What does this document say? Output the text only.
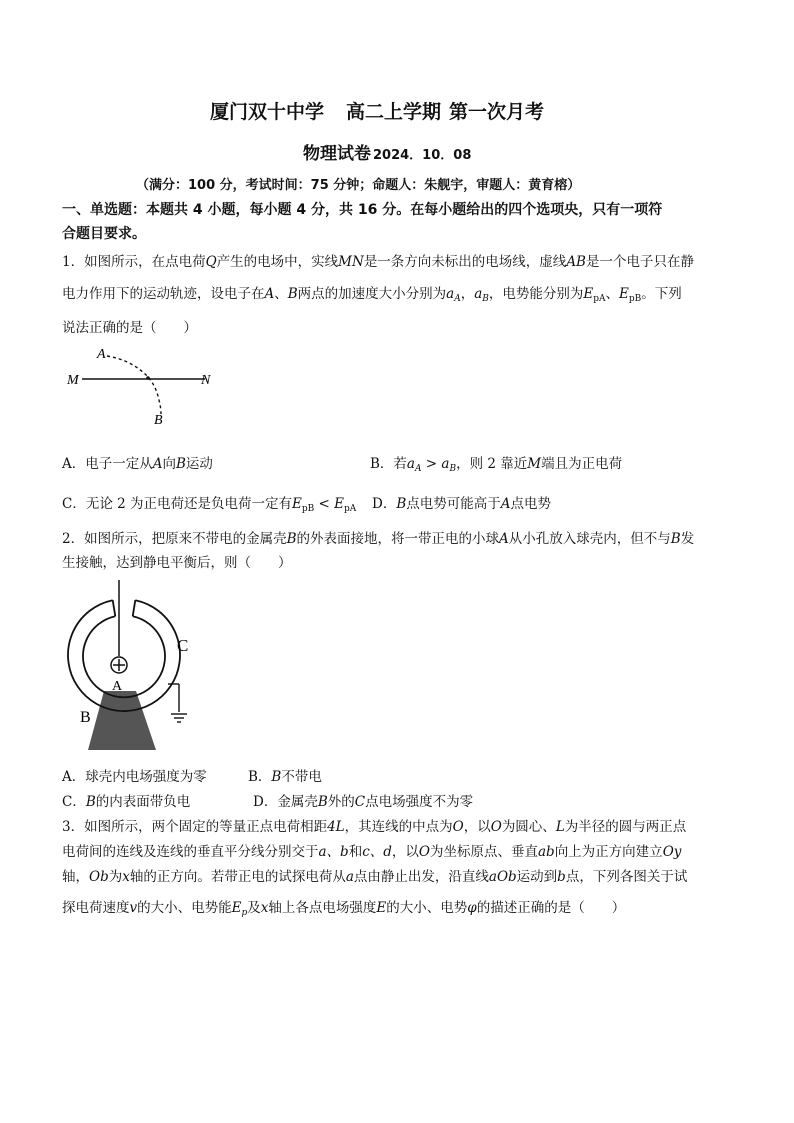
厦门双十中学 高二上学期 第一次月考
物理试卷 2024．10．08
（满分：100 分，考试时间：75 分钟；命题人：朱舰宇，审题人：黄育榕）
一、单选题：本题共 4 小题，每小题 4 分，共 16 分。在每小题给出的四个选项央，只有一项符
合题目要求。
1．如图所示，在点电荷Q产生的电场中，实线MN是一条方向未标出的电场线，虚线AB是一个电子只在静
电力作用下的运动轨迹，设电子在A、B两点的加速度大小分别为$a_A$，$a_B$，电势能分别为$E_{pA}$、$E_{pB}$。下列
说法正确的是（　　）
A
B
M	N
A．电子一定从A向B运动	B．若$a_A > a_B$，则 2 靠近M端且为正电荷
C．无论 2 为正电荷还是负电荷一定有$E_{pB} < E_{pA}$ D．B点电势可能高于A点电势
2．如图所示，把原来不带电的金属壳B的外表面接地，将一带正电的小球A从小孔放入球壳内，但不与B发
生接触，达到静电平衡后，则（　　）
C
A
B
A．球壳内电场强度为零	B．B不带电
C．B的内表面带负电	D．金属壳B外的C点电场强度不为零
3．如图所示，两个固定的等量正点电荷相距4L，其连线的中点为O，以O为圆心、L为半径的圆与两正点
电荷间的连线及连线的垂直平分线分别交于a、b和c、d，以O为坐标原点、垂直ab向上为正方向建立Oy
轴，Ob为x轴的正方向。若带正电的试探电荷从a点由静止出发，沿直线aOb运动到b点，下列各图关于试
探电荷速度v的大小、电势能$E_p$及x轴上各点电场强度E的大小、电势φ的描述正确的是（　　）
